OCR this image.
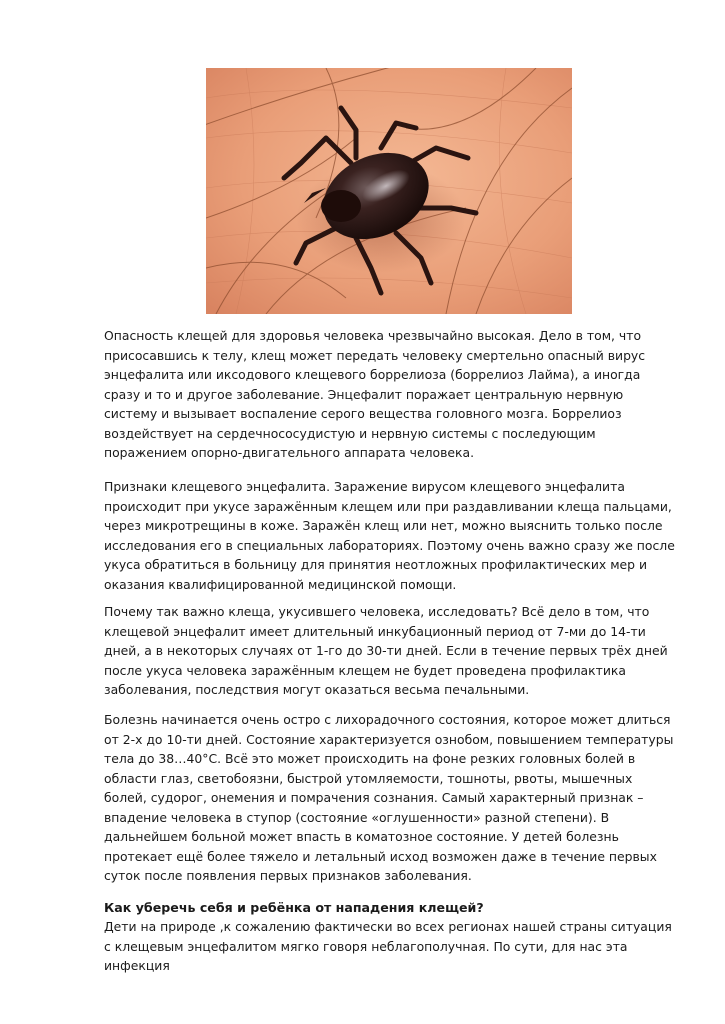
Опасность клещей для здоровья человека чрезвычайно высокая. Дело в том, что присосавшись к телу, клещ может передать человеку смертельно опасный вирус энцефалита или иксодового клещевого боррелиоза (боррелиоз Лайма), а иногда сразу и то и другое заболевание. Энцефалит поражает центральную нервную систему и вызывает воспаление серого вещества головного мозга. Боррелиоз воздействует на сердечнососудистую и нервную системы с последующим поражением опорно-двигательного аппарата человека.

Признаки клещевого энцефалита. Заражение вирусом клещевого энцефалита происходит при укусе заражённым клещем или при раздавливании клеща пальцами, через микротрещины в коже. Заражён клещ или нет, можно выяснить только после исследования его в специальных лабораториях. Поэтому очень важно сразу же после укуса обратиться в больницу для принятия неотложных профилактических мер и оказания квалифицированной медицинской помощи.

Почему так важно клеща, укусившего человека, исследовать? Всё дело в том, что клещевой энцефалит имеет длительный инкубационный период от 7-ми до 14-ти дней, а в некоторых случаях от 1-го до 30-ти дней. Если в течение первых трёх дней после укуса человека заражённым клещем не будет проведена профилактика заболевания, последствия могут оказаться весьма печальными.

Болезнь начинается очень остро с лихорадочного состояния, которое может длиться от 2-х до 10-ти дней. Состояние характеризуется ознобом, повышением температуры тела до 38…40°С. Всё это может происходить на фоне резких головных болей в области глаз, светобоязни, быстрой утомляемости, тошноты, рвоты, мышечных болей, судорог, онемения и помрачения сознания. Самый характерный признак – впадение человека в ступор (состояние «оглушенности» разной степени). В дальнейшем больной может впасть в коматозное состояние. У детей болезнь протекает ещё более тяжело и летальный исход возможен даже в течение первых суток после появления первых признаков заболевания.

Как уберечь себя и ребёнка от нападения клещей?

Дети на природе ,к сожалению фактически во всех регионах нашей страны ситуация с клещевым энцефалитом мягко говоря неблагополучная. По сути, для нас эта инфекция
